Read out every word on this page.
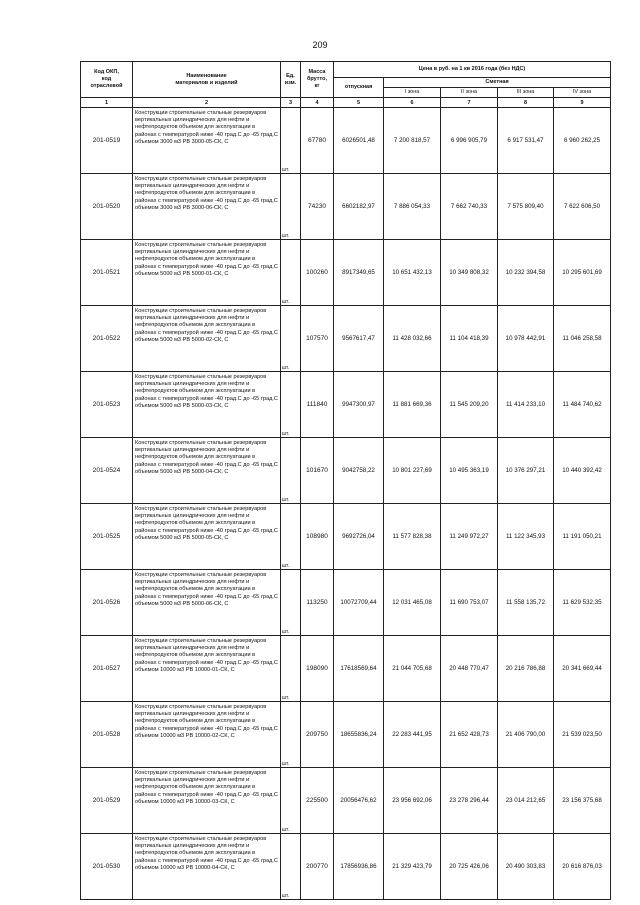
209
Код ОКП,
код
отраслевой	Наименование
материалов и изделий	Ед.
изм.	Масса
брутто,
кг	Цена в руб. на 1 кв 2016 года (без НДС)				
				отпускная	Сметная			
					I зона	II зона	III зона	IV зона
1	2	3	4	5	6	7	8	9
201-0519	Конструкции строительные стальные резервуаров вертикальных цилиндрических для нефти и нефтепродуктов объемом для эксплуатации в районах с температурой ниже -40 град.С до -65 град.С объемом 3000 м3 РВ 3000-05-СК, С	шт.	67780	6026501,48	7 200 818,57	6 996 905,79	6 917 531,47	6 960 262,25
201-0520	Конструкции строительные стальные резервуаров вертикальных цилиндрических для нефти и нефтепродуктов объемом для эксплуатации в районах с температурой ниже -40 град.С до -65 град.С объемом 3000 м3 РВ 3000-06-СК, С	шт.	74230	6602182,97	7 886 054,33	7 662 740,33	7 575 809,40	7 622 606,50
201-0521	Конструкции строительные стальные резервуаров вертикальных цилиндрических для нефти и нефтепродуктов объемом для эксплуатации в районах с температурой ниже -40 град.С до -65 град.С объемом 5000 м3 РВ 5000-01-СК, С	шт.	100260	8917349,65	10 651 432,13	10 349 808,32	10 232 394,58	10 295 601,69
201-0522	Конструкции строительные стальные резервуаров вертикальных цилиндрических для нефти и нефтепродуктов объемом для эксплуатации в районах с температурой ниже -40 град.С до -65 град.С объемом 5000 м3 РВ 5000-02-СК, С	шт.	107570	9567617,47	11 428 032,66	11 104 418,39	10 978 442,91	11 046 258,58
201-0523	Конструкции строительные стальные резервуаров вертикальных цилиндрических для нефти и нефтепродуктов объемом для эксплуатации в районах с температурой ниже -40 град.С до -65 град.С объемом 5000 м3 РВ 5000-03-СК, С	шт.	111840	9947300,97	11 881 669,36	11 545 209,20	11 414 233,10	11 484 740,62
201-0524	Конструкции строительные стальные резервуаров вертикальных цилиндрических для нефти и нефтепродуктов объемом для эксплуатации в районах с температурой ниже -40 град.С до -65 град.С объемом 5000 м3 РВ 5000-04-СК, С	шт.	101670	9042758,22	10 801 227,69	10 495 363,19	10 376 297,21	10 440 392,42
201-0525	Конструкции строительные стальные резервуаров вертикальных цилиндрических для нефти и нефтепродуктов объемом для эксплуатации в районах с температурой ниже -40 град.С до -65 град.С объемом 5000 м3 РВ 5000-05-СК, С	шт.	108980	9692726,04	11 577 828,38	11 249 972,27	11 122 345,93	11 191 050,21
201-0526	Конструкции строительные стальные резервуаров вертикальных цилиндрических для нефти и нефтепродуктов объемом для эксплуатации в районах с температурой ниже -40 град.С до -65 град.С объемом 5000 м3 РВ 5000-06-СК, С	шт.	113250	10072709,44	12 031 465,08	11 690 753,07	11 558 135,72	11 629 532,35
201-0527	Конструкции строительные стальные резервуаров вертикальных цилиндрических для нефти и нефтепродуктов объемом для эксплуатации в районах с температурой ниже -40 град.С до -65 град.С объемом 10000 м3 РВ 10000-01-СК, С	шт.	198090	17618569,64	21 044 705,68	20 448 770,47	20 216 786,88	20 341 669,44
201-0528	Конструкции строительные стальные резервуаров вертикальных цилиндрических для нефти и нефтепродуктов объемом для эксплуатации в районах с температурой ниже -40 град.С до -65 град.С объемом 10000 м3 РВ 10000-02-СК, С	шт.	209750	18655836,24	22 283 441,95	21 652 428,73	21 406 790,00	21 539 023,50
201-0529	Конструкции строительные стальные резервуаров вертикальных цилиндрических для нефти и нефтепродуктов объемом для эксплуатации в районах с температурой ниже -40 град.С до -65 град.С объемом 10000 м3 РВ 10000-03-СК, С	шт.	225500	20056476,62	23 956 692,06	23 278 296,44	23 014 212,65	23 156 375,68
201-0530	Конструкции строительные стальные резервуаров вертикальных цилиндрических для нефти и нефтепродуктов объемом для эксплуатации в районах с температурой ниже -40 град.С до -65 град.С объемом 10000 м3 РВ 10000-04-СК, С	шт.	200770	17856936,86	21 329 423,79	20 725 426,06	20 490 303,83	20 616 876,03
